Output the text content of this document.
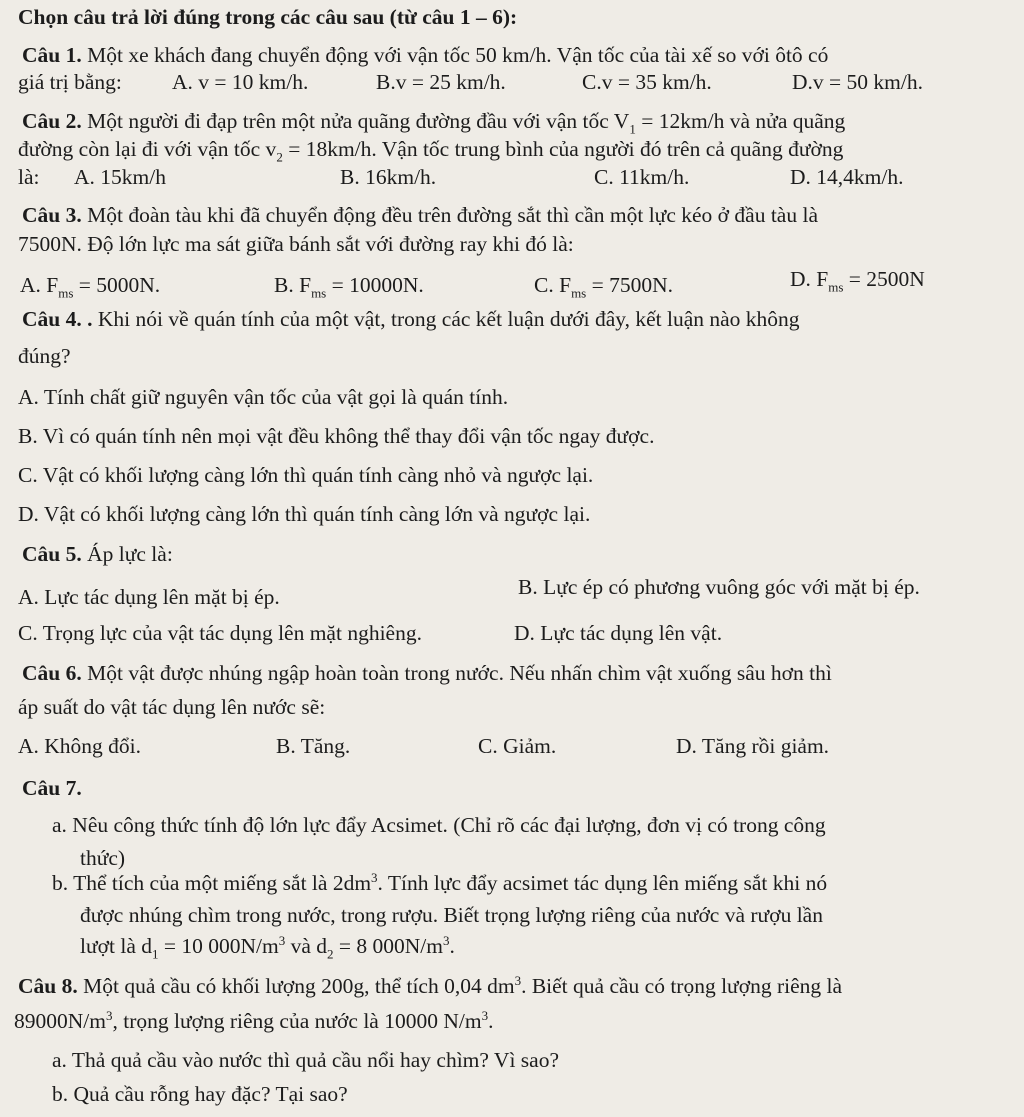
Chọn câu trả lời đúng trong các câu sau (từ câu 1 – 6):
Câu 1. Một xe khách đang chuyển động với vận tốc 50 km/h. Vận tốc của tài xế so với ôtô có
giá trị bằng: A. v = 10 km/h.	B.v = 25 km/h.	C.v = 35 km/h.	D.v = 50 km/h.
Câu 2. Một người đi đạp trên một nửa quãng đường đầu với vận tốc $V_1 = 12km/h$ và nửa quãng
đường còn lại đi với vận tốc $v_2 = 18km/h$. Vận tốc trung bình của người đó trên cả quãng đường
là: A. 15km/h	B. 16km/h.	C. 11km/h.	D. 14,4km/h.
Câu 3. Một đoàn tàu khi đã chuyển động đều trên đường sắt thì cần một lực kéo ở đầu tàu là
7500N. Độ lớn lực ma sát giữa bánh sắt với đường ray khi đó là:
A. $F_{ms} = 5000N$.	B. $F_{ms} = 10000N$.	C. $F_{ms} = 7500N$.	D. $F_{ms} = 2500N$
Câu 4. . Khi nói về quán tính của một vật, trong các kết luận dưới đây, kết luận nào không
đúng?
A. Tính chất giữ nguyên vận tốc của vật gọi là quán tính.
B. Vì có quán tính nên mọi vật đều không thể thay đổi vận tốc ngay được.
C. Vật có khối lượng càng lớn thì quán tính càng nhỏ và ngược lại.
D. Vật có khối lượng càng lớn thì quán tính càng lớn và ngược lại.
Câu 5. Áp lực là:
A. Lực tác dụng lên mặt bị ép.	B. Lực ép có phương vuông góc với mặt bị ép.
C. Trọng lực của vật tác dụng lên mặt nghiêng.	D. Lực tác dụng lên vật.
Câu 6. Một vật được nhúng ngập hoàn toàn trong nước. Nếu nhấn chìm vật xuống sâu hơn thì
áp suất do vật tác dụng lên nước sẽ:
A. Không đổi.	B. Tăng.	C. Giảm.	D. Tăng rồi giảm.
Câu 7.
a. Nêu công thức tính độ lớn lực đẩy Acsimet. (Chỉ rõ các đại lượng, đơn vị có trong công
thức)
b. Thể tích của một miếng sắt là $2dm^3$. Tính lực đẩy acsimet tác dụng lên miếng sắt khi nó
được nhúng chìm trong nước, trong rượu. Biết trọng lượng riêng của nước và rượu lần
lượt là $d_1 = 10$ $000N/m^3$ và $d_2 = 8$ $000N/m^3$.
Câu 8. Một quả cầu có khối lượng 200g, thể tích 0,04 $dm^3$. Biết quả cầu có trọng lượng riêng là
$89000N/m^3$, trọng lượng riêng của nước là 10000 $N/m^3$.
a. Thả quả cầu vào nước thì quả cầu nổi hay chìm? Vì sao?
b. Quả cầu rỗng hay đặc? Tại sao?
